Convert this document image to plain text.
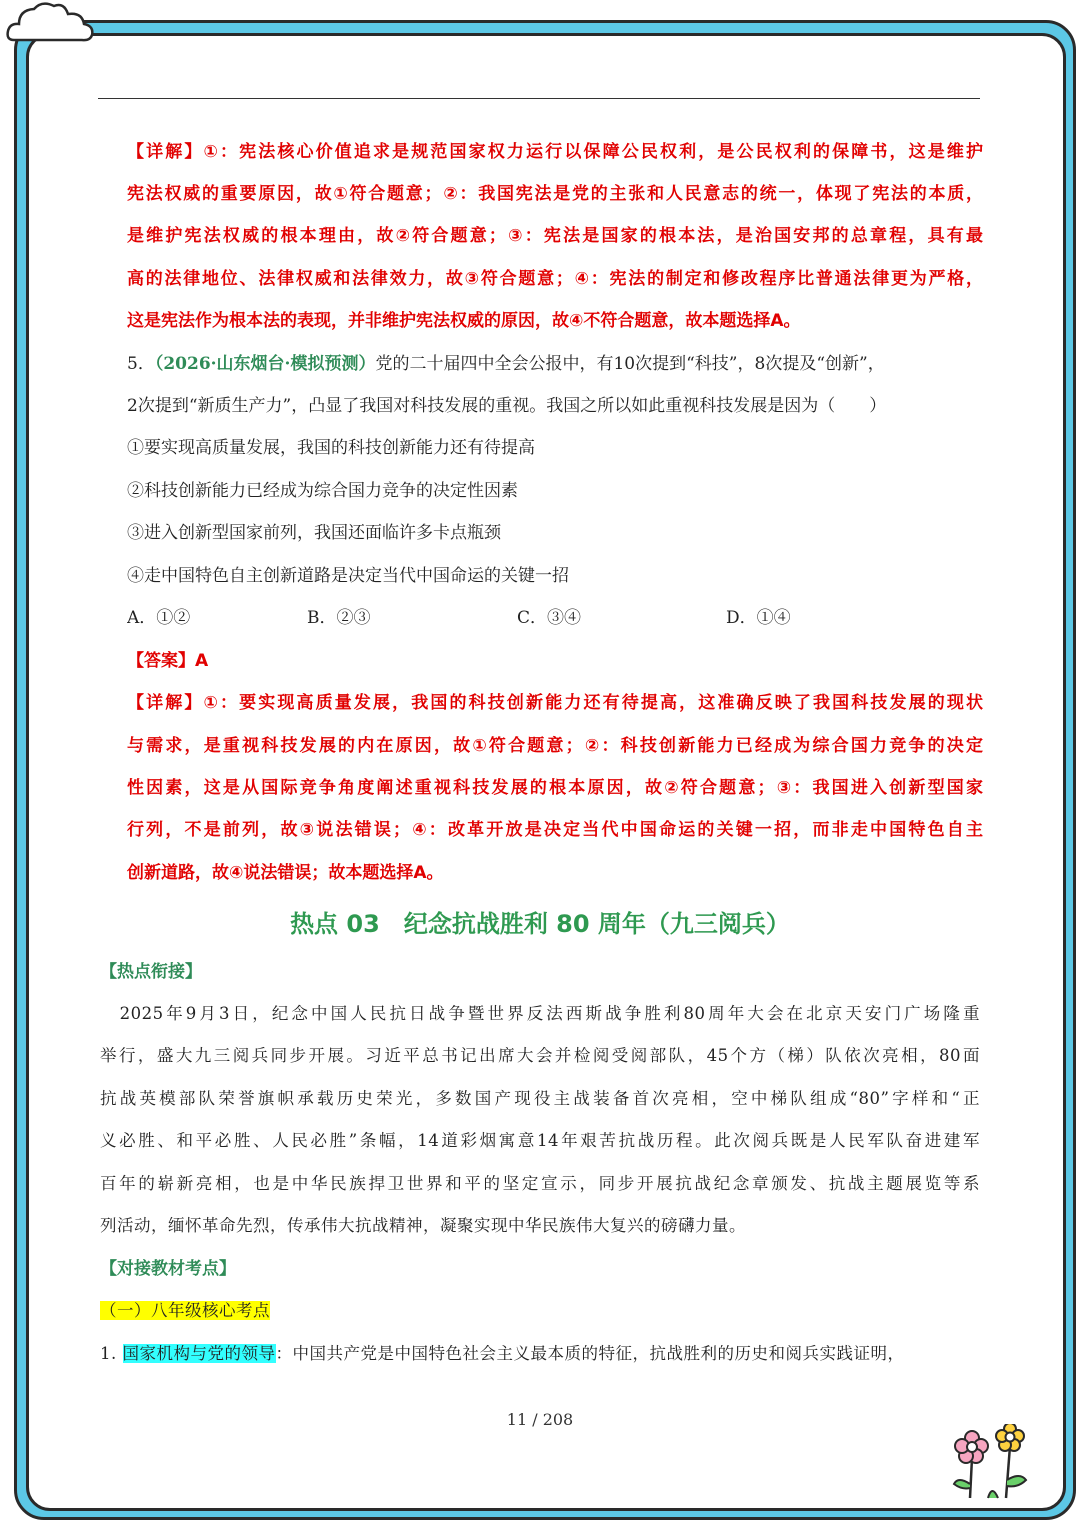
【详解】①：宪法核心价值追求是规范国家权力运行以保障公民权利，是公民权利的保障书，这是维护
宪法权威的重要原因，故①符合题意；②：我国宪法是党的主张和人民意志的统一，体现了宪法的本质，
是维护宪法权威的根本理由，故②符合题意；③：宪法是国家的根本法，是治国安邦的总章程，具有最
高的法律地位、法律权威和法律效力，故③符合题意；④：宪法的制定和修改程序比普通法律更为严格，
这是宪法作为根本法的表现，并非维护宪法权威的原因，故④不符合题意，故本题选择A。
5．（2026·山东烟台·模拟预测）党的二十届四中全会公报中，有10次提到“科技”，8次提及“创新”，
2次提到“新质生产力”，凸显了我国对科技发展的重视。我国之所以如此重视科技发展是因为（　　）
①要实现高质量发展，我国的科技创新能力还有待提高
②科技创新能力已经成为综合国力竞争的决定性因素
③进入创新型国家前列，我国还面临许多卡点瓶颈
④走中国特色自主创新道路是决定当代中国命运的关键一招
A．①②	B．②③	C．③④	D．①④
【答案】A
【详解】①：要实现高质量发展，我国的科技创新能力还有待提高，这准确反映了我国科技发展的现状
与需求，是重视科技发展的内在原因，故①符合题意；②：科技创新能力已经成为综合国力竞争的决定
性因素，这是从国际竞争角度阐述重视科技发展的根本原因，故②符合题意；③：我国进入创新型国家
行列，不是前列，故③说法错误；④：改革开放是决定当代中国命运的关键一招，而非走中国特色自主
创新道路，故④说法错误；故本题选择A。
热点 03　纪念抗战胜利 80 周年（九三阅兵）
【热点衔接】
　2025年9月3日，纪念中国人民抗日战争暨世界反法西斯战争胜利80周年大会在北京天安门广场隆重
举行，盛大九三阅兵同步开展。习近平总书记出席大会并检阅受阅部队，45个方（梯）队依次亮相，80面
抗战英模部队荣誉旗帜承载历史荣光，多数国产现役主战装备首次亮相，空中梯队组成“80”字样和“正
义必胜、和平必胜、人民必胜”条幅，14道彩烟寓意14年艰苦抗战历程。此次阅兵既是人民军队奋进建军
百年的崭新亮相，也是中华民族捍卫世界和平的坚定宣示，同步开展抗战纪念章颁发、抗战主题展览等系
列活动，缅怀革命先烈，传承伟大抗战精神，凝聚实现中华民族伟大复兴的磅礴力量。
【对接教材考点】
（一）八年级核心考点
1. 国家机构与党的领导：中国共产党是中国特色社会主义最本质的特征，抗战胜利的历史和阅兵实践证明，
11 / 208
